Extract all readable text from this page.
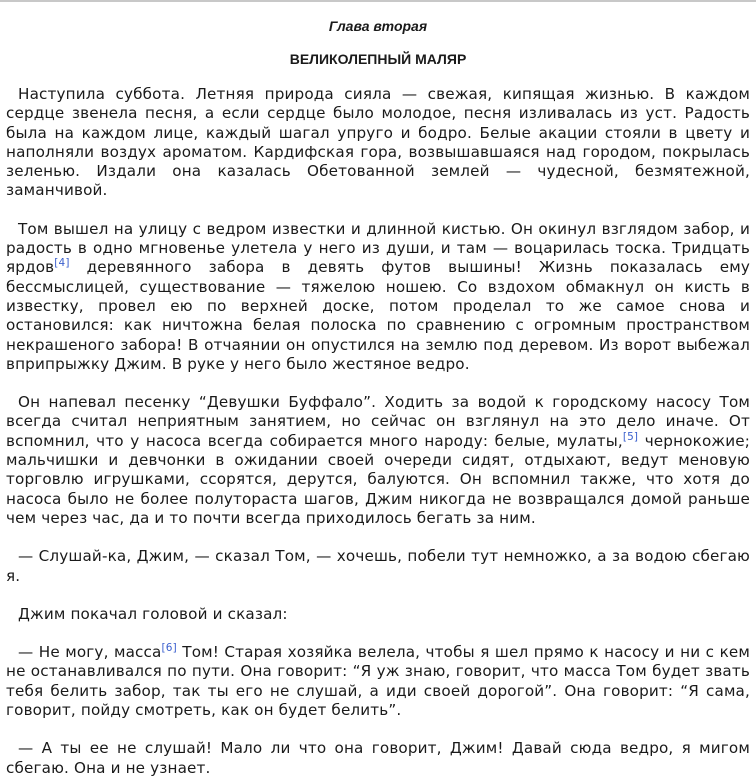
Глава вторая
ВЕЛИКОЛЕПНЫЙ МАЛЯР

Наступила суббота. Летняя природа сияла — свежая, кипящая жизнью. В каждом сердце звенела песня, а если сердце было молодое, песня изливалась из уст. Радость была на каждом лице, каждый шагал упруго и бодро. Белые акации стояли в цвету и наполняли воздух ароматом. Кардифская гора, возвышавшаяся над городом, покрылась зеленью. Издали она казалась Обетованной землей — чудесной, безмятежной, заманчивой.

Том вышел на улицу с ведром известки и длинной кистью. Он окинул взглядом забор, и радость в одно мгновенье улетела у него из души, и там — воцарилась тоска. Тридцать ярдов[4] деревянного забора в девять футов вышины! Жизнь показалась ему бессмыслицей, существование — тяжелою ношею. Со вздохом обмакнул он кисть в известку, провел ею по верхней доске, потом проделал то же самое снова и остановился: как ничтожна белая полоска по сравнению с огромным пространством некрашеного забора! В отчаянии он опустился на землю под деревом. Из ворот выбежал вприпрыжку Джим. В руке у него было жестяное ведро.

Он напевал песенку “Девушки Буффало”. Ходить за водой к городскому насосу Том всегда считал неприятным занятием, но сейчас он взглянул на это дело иначе. От вспомнил, что у насоса всегда собирается много народу: белые, мулаты,[5] чернокожие; мальчишки и девчонки в ожидании своей очереди сидят, отдыхают, ведут меновую торговлю игрушками, ссорятся, дерутся, балуются. Он вспомнил также, что хотя до насоса было не более полутораста шагов, Джим никогда не возвращался домой раньше чем через час, да и то почти всегда приходилось бегать за ним.

— Слушай-ка, Джим, — сказал Том, — хочешь, побели тут немножко, а за водою сбегаю я.

Джим покачал головой и сказал:

— Не могу, масса[6] Том! Старая хозяйка велела, чтобы я шел прямо к насосу и ни с кем не останавливался по пути. Она говорит: “Я уж знаю, говорит, что масса Том будет звать тебя белить забор, так ты его не слушай, а иди своей дорогой”. Она говорит: “Я сама, говорит, пойду смотреть, как он будет белить”.

— А ты ее не слушай! Мало ли что она говорит, Джим! Давай сюда ведро, я мигом сбегаю. Она и не узнает.
